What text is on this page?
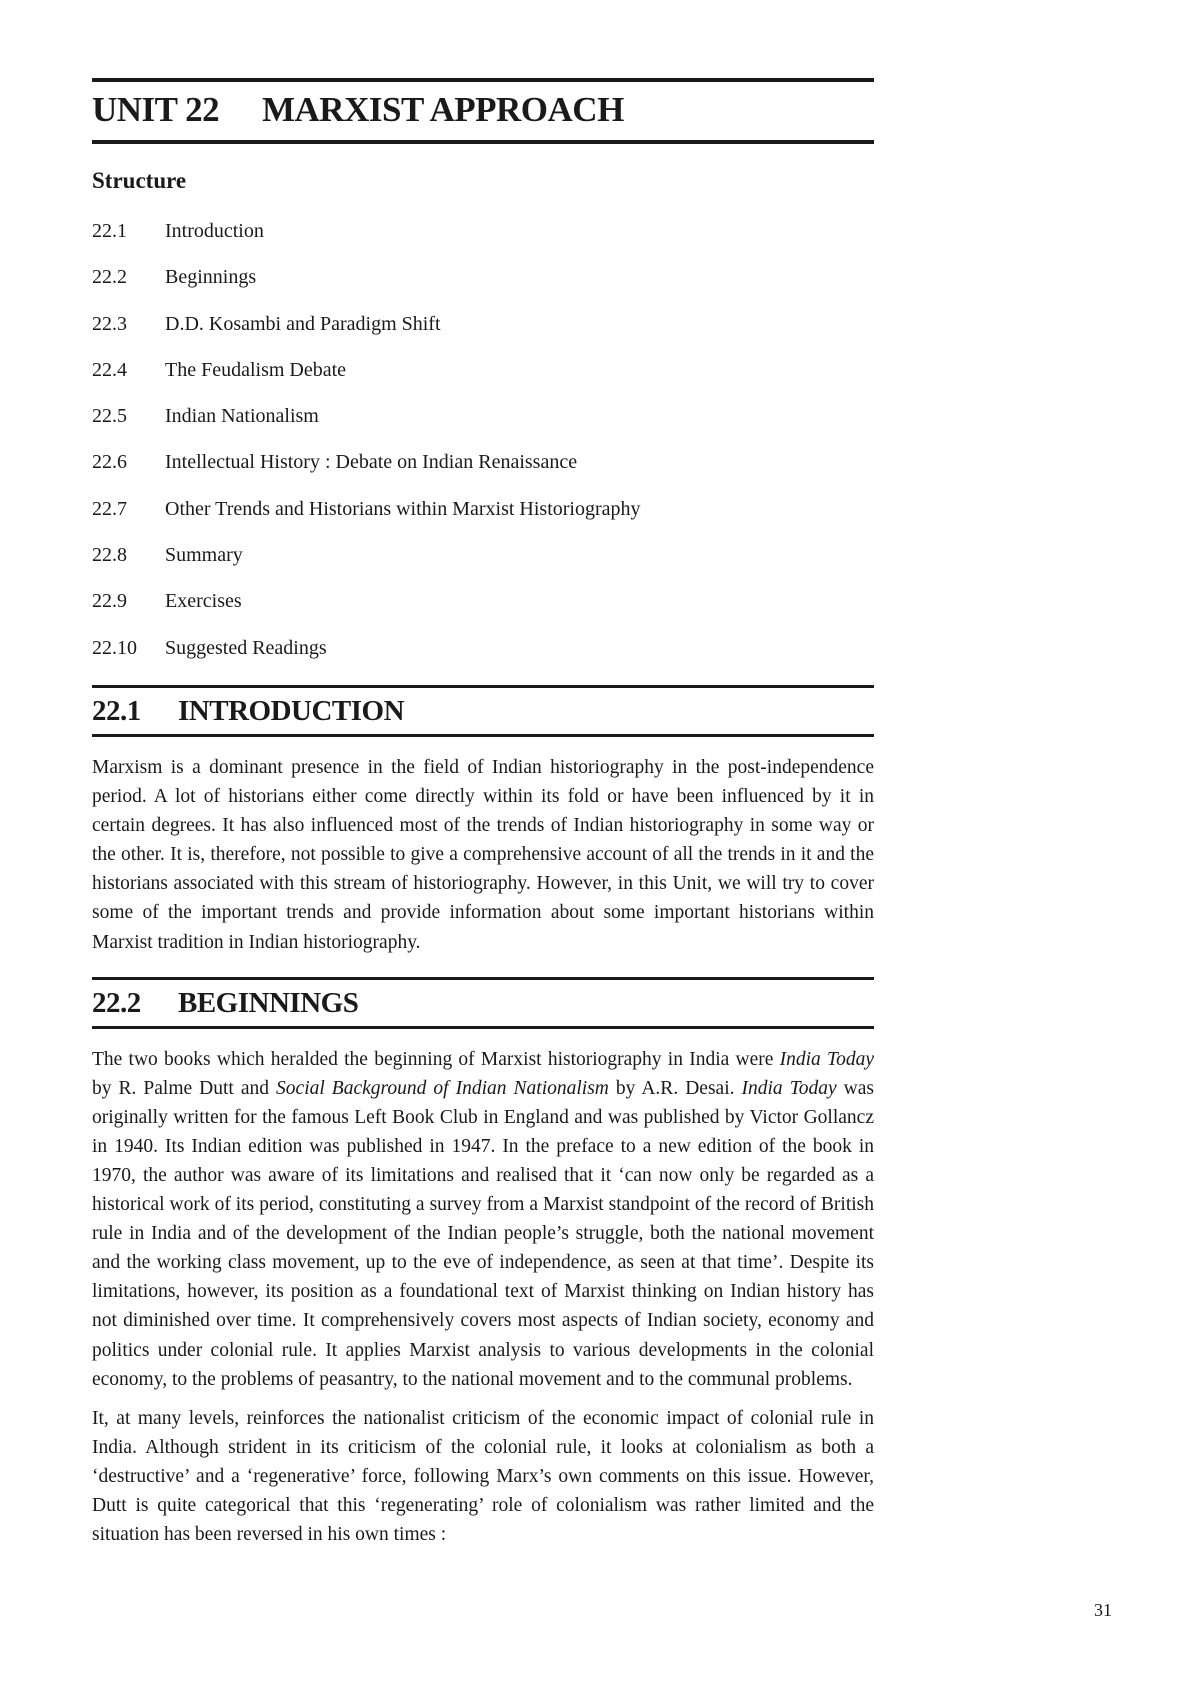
UNIT 22 MARXIST APPROACH
Structure
22.1 Introduction
22.2 Beginnings
22.3 D.D. Kosambi and Paradigm Shift
22.4 The Feudalism Debate
22.5 Indian Nationalism
22.6 Intellectual History : Debate on Indian Renaissance
22.7 Other Trends and Historians within Marxist Historiography
22.8 Summary
22.9 Exercises
22.10 Suggested Readings
22.1 INTRODUCTION

Marxism is a dominant presence in the field of Indian historiography in the post-independence period. A lot of historians either come directly within its fold or have been influenced by it in certain degrees. It has also influenced most of the trends of Indian historiography in some way or the other. It is, therefore, not possible to give a comprehensive account of all the trends in it and the historians associated with this stream of historiography. However, in this Unit, we will try to cover some of the important trends and provide information about some important historians within Marxist tradition in Indian historiography.

22.2 BEGINNINGS

The two books which heralded the beginning of Marxist historiography in India were India Today by R. Palme Dutt and Social Background of Indian Nationalism by A.R. Desai. India Today was originally written for the famous Left Book Club in England and was published by Victor Gollancz in 1940. Its Indian edition was published in 1947. In the preface to a new edition of the book in 1970, the author was aware of its limitations and realised that it ‘can now only be regarded as a historical work of its period, constituting a survey from a Marxist standpoint of the record of British rule in India and of the development of the Indian people’s struggle, both the national movement and the working class movement, up to the eve of independence, as seen at that time’. Despite its limitations, however, its position as a foundational text of Marxist thinking on Indian history has not diminished over time. It comprehensively covers most aspects of Indian society, economy and politics under colonial rule. It applies Marxist analysis to various developments in the colonial economy, to the problems of peasantry, to the national movement and to the communal problems.

It, at many levels, reinforces the nationalist criticism of the economic impact of colonial rule in India. Although strident in its criticism of the colonial rule, it looks at colonialism as both a ‘destructive’ and a ‘regenerative’ force, following Marx’s own comments on this issue. However, Dutt is quite categorical that this ‘regenerating’ role of colonialism was rather limited and the situation has been reversed in his own times :

31
